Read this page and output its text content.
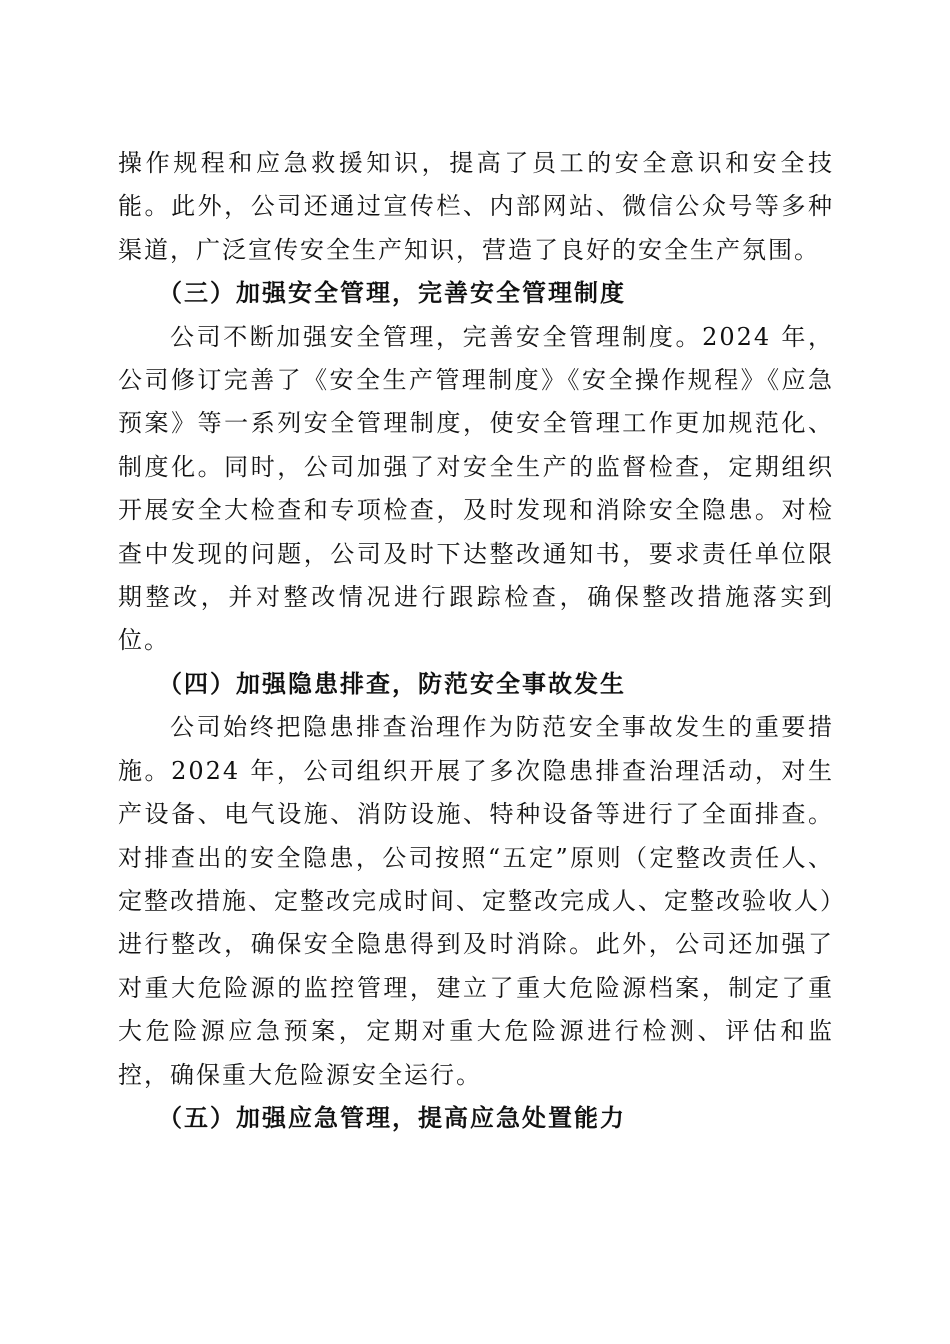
操作规程和应急救援知识，提高了员工的安全意识和安全技能。此外，公司还通过宣传栏、内部网站、微信公众号等多种渠道，广泛宣传安全生产知识，营造了良好的安全生产氛围。

（三）加强安全管理，完善安全管理制度

公司不断加强安全管理，完善安全管理制度。2024 年，公司修订完善了《安全生产管理制度》《安全操作规程》《应急预案》等一系列安全管理制度，使安全管理工作更加规范化、制度化。同时，公司加强了对安全生产的监督检查，定期组织开展安全大检查和专项检查，及时发现和消除安全隐患。对检查中发现的问题，公司及时下达整改通知书，要求责任单位限期整改，并对整改情况进行跟踪检查，确保整改措施落实到位。

（四）加强隐患排查，防范安全事故发生

公司始终把隐患排查治理作为防范安全事故发生的重要措施。2024 年，公司组织开展了多次隐患排查治理活动，对生产设备、电气设施、消防设施、特种设备等进行了全面排查。对排查出的安全隐患，公司按照“五定”原则（定整改责任人、定整改措施、定整改完成时间、定整改完成人、定整改验收人）进行整改，确保安全隐患得到及时消除。此外，公司还加强了对重大危险源的监控管理，建立了重大危险源档案，制定了重大危险源应急预案，定期对重大危险源进行检测、评估和监控，确保重大危险源安全运行。

（五）加强应急管理，提高应急处置能力
